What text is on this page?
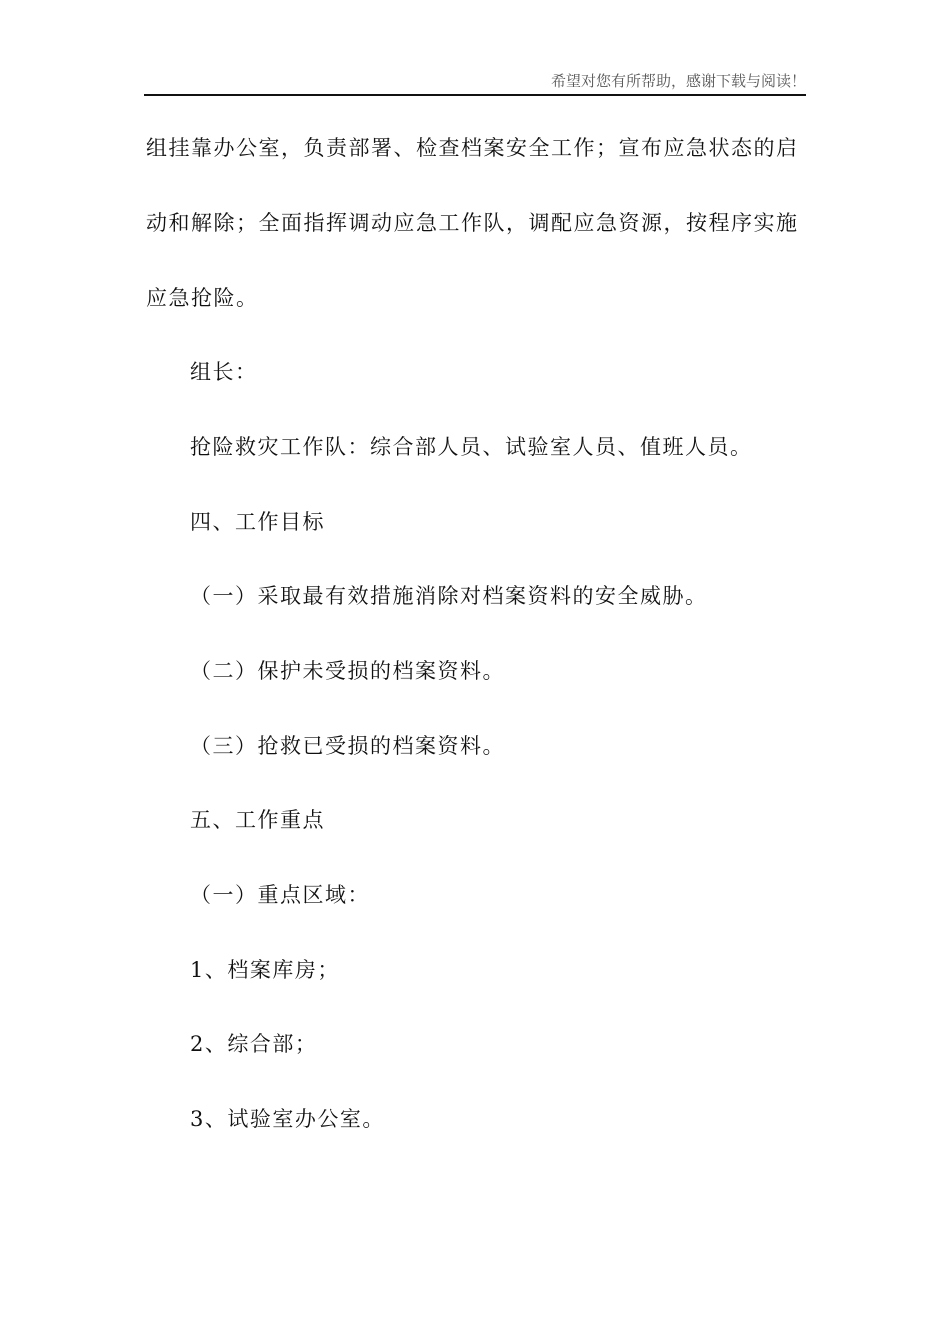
希望对您有所帮助，感谢下载与阅读！
组挂靠办公室，负责部署、检查档案安全工作；宣布应急状态的启
动和解除；全面指挥调动应急工作队，调配应急资源，按程序实施
应急抢险。
组长：
抢险救灾工作队：综合部人员、试验室人员、值班人员。
四、工作目标
（一）采取最有效措施消除对档案资料的安全威胁。
（二）保护未受损的档案资料。
（三）抢救已受损的档案资料。
五、工作重点
（一）重点区域：
1、档案库房；
2、综合部；
3、试验室办公室。
